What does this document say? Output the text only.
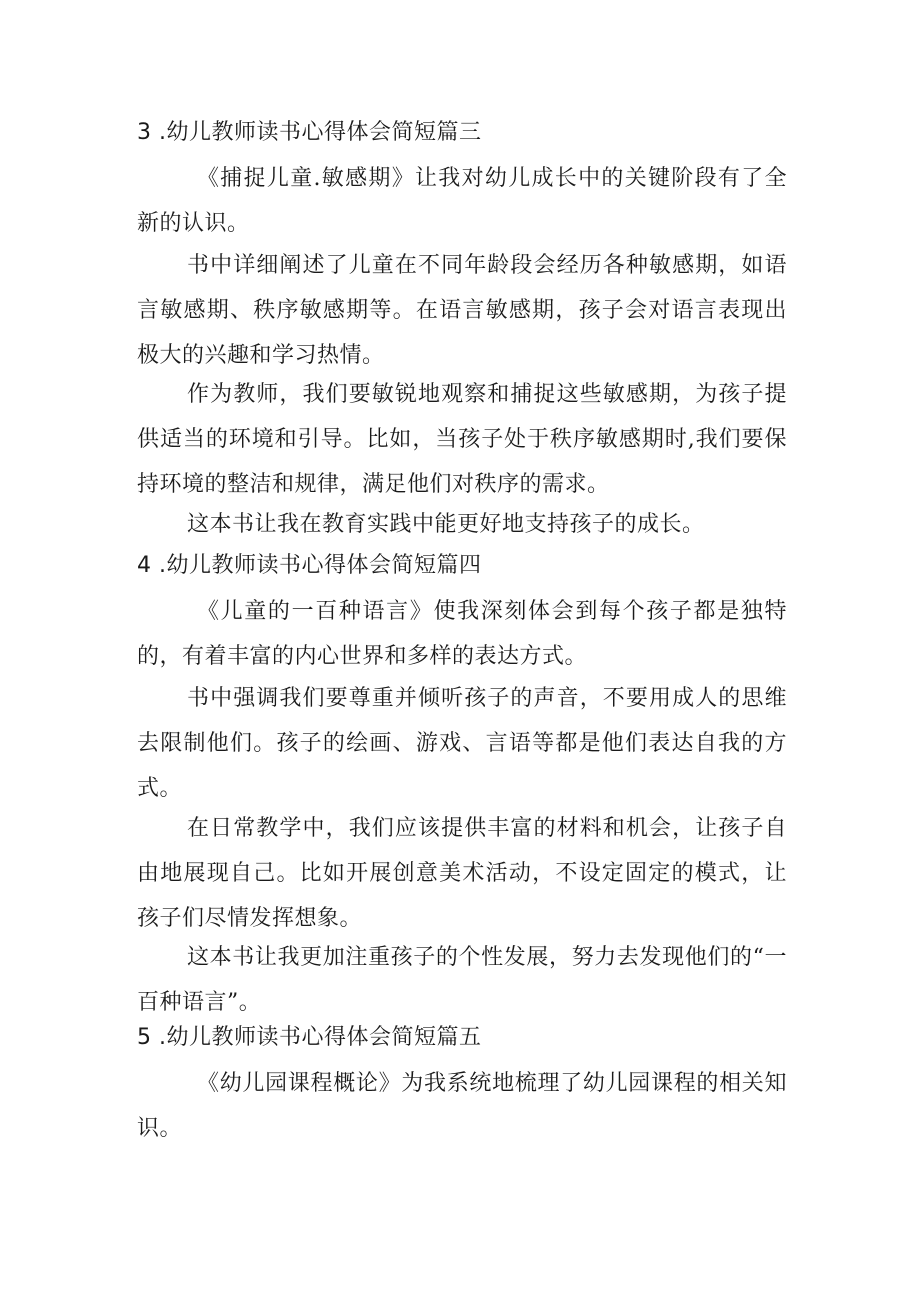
3 .幼儿教师读书心得体会简短篇三

《捕捉儿童.敏感期》让我对幼儿成长中的关键阶段有了全新的认识。

书中详细阐述了儿童在不同年龄段会经历各种敏感期，如语言敏感期、秩序敏感期等。在语言敏感期，孩子会对语言表现出极大的兴趣和学习热情。

作为教师，我们要敏锐地观察和捕捉这些敏感期，为孩子提供适当的环境和引导。比如，当孩子处于秩序敏感期时,我们要保持环境的整洁和规律，满足他们对秩序的需求。

这本书让我在教育实践中能更好地支持孩子的成长。

4 .幼儿教师读书心得体会简短篇四

《儿童的一百种语言》使我深刻体会到每个孩子都是独特的，有着丰富的内心世界和多样的表达方式。

书中强调我们要尊重并倾听孩子的声音，不要用成人的思维去限制他们。孩子的绘画、游戏、言语等都是他们表达自我的方式。

在日常教学中，我们应该提供丰富的材料和机会，让孩子自由地展现自己。比如开展创意美术活动，不设定固定的模式，让孩子们尽情发挥想象。

这本书让我更加注重孩子的个性发展，努力去发现他们的“一百种语言”。

5 .幼儿教师读书心得体会简短篇五

《幼儿园课程概论》为我系统地梳理了幼儿园课程的相关知识。
